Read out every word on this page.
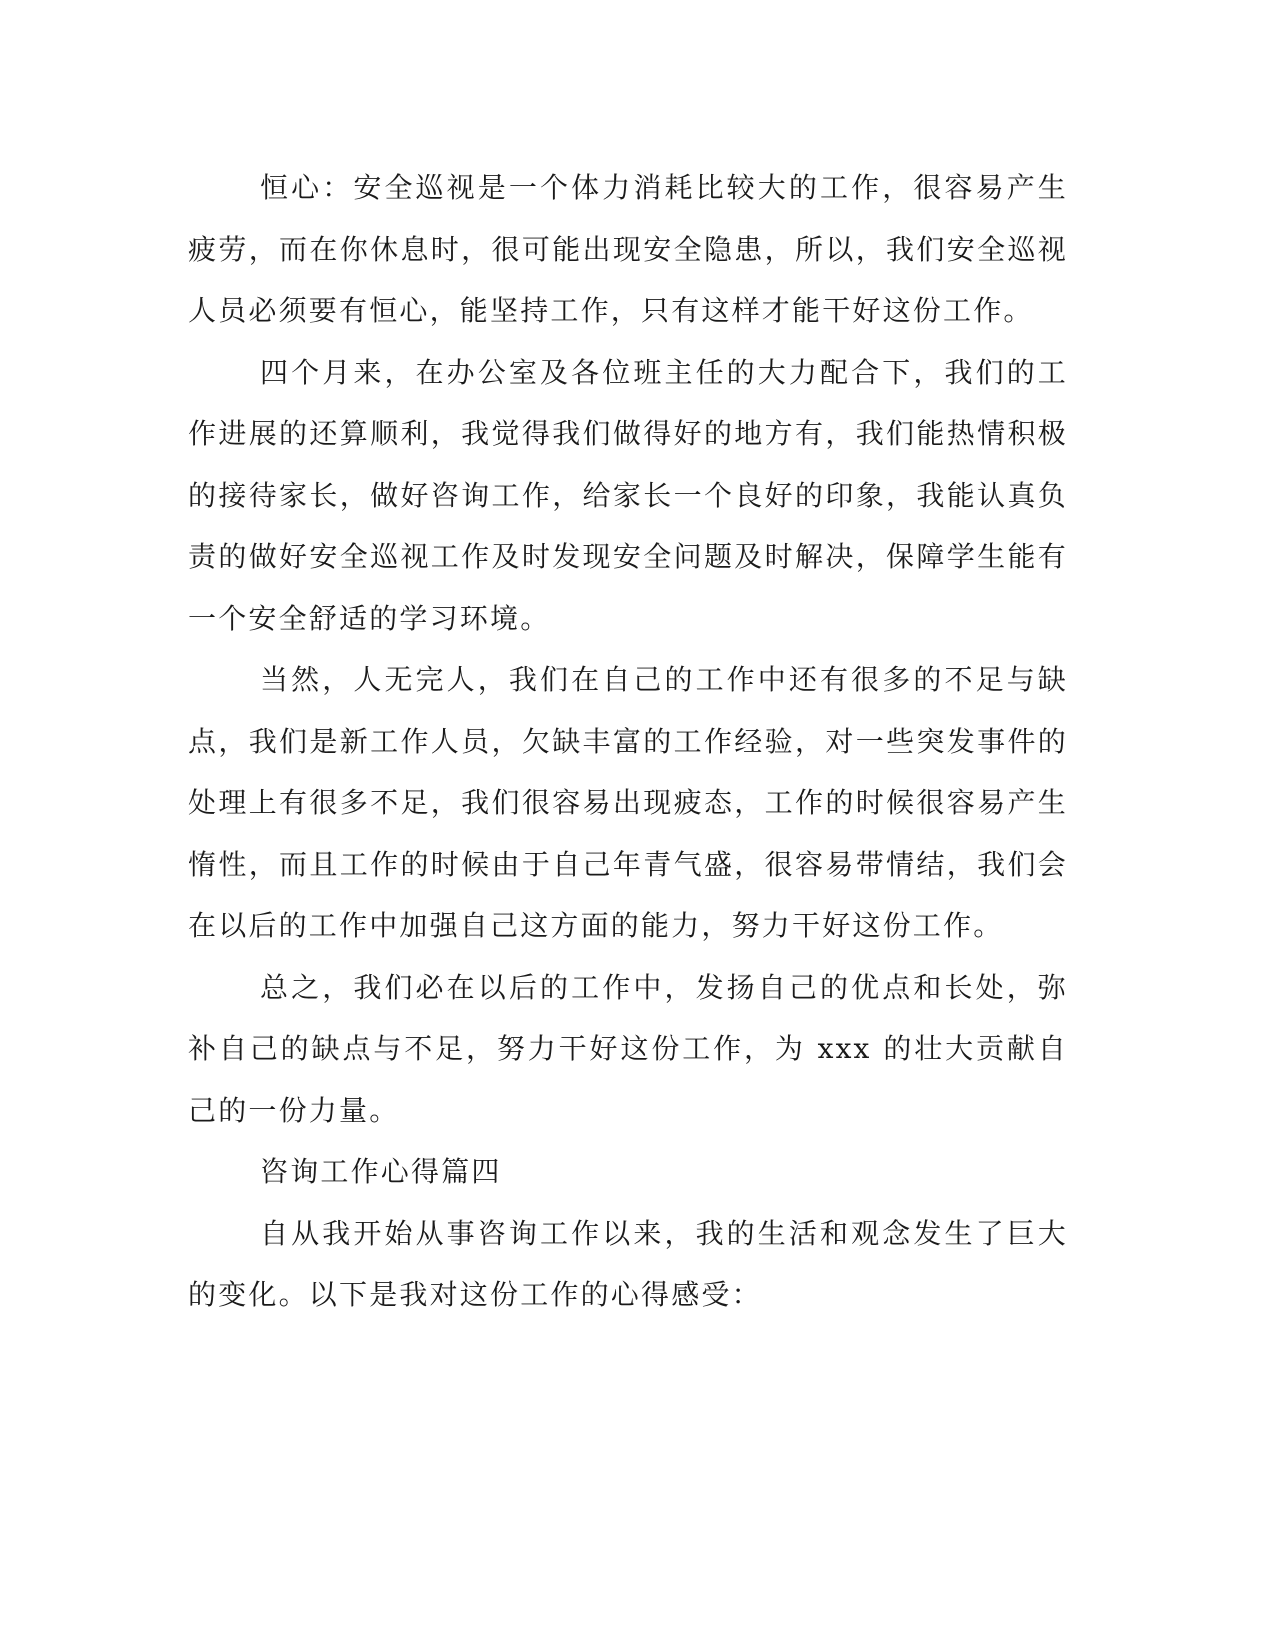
恒心：安全巡视是一个体力消耗比较大的工作，很容易产生疲劳，而在你休息时，很可能出现安全隐患，所以，我们安全巡视人员必须要有恒心，能坚持工作，只有这样才能干好这份工作。

四个月来，在办公室及各位班主任的大力配合下，我们的工作进展的还算顺利，我觉得我们做得好的地方有，我们能热情积极的接待家长，做好咨询工作，给家长一个良好的印象，我能认真负责的做好安全巡视工作及时发现安全问题及时解决，保障学生能有一个安全舒适的学习环境。

当然，人无完人，我们在自己的工作中还有很多的不足与缺点，我们是新工作人员，欠缺丰富的工作经验，对一些突发事件的处理上有很多不足，我们很容易出现疲态，工作的时候很容易产生惰性，而且工作的时候由于自己年青气盛，很容易带情结，我们会在以后的工作中加强自己这方面的能力，努力干好这份工作。

总之，我们必在以后的工作中，发扬自己的优点和长处，弥补自己的缺点与不足，努力干好这份工作，为 xxx 的壮大贡献自己的一份力量。

咨询工作心得篇四

自从我开始从事咨询工作以来，我的生活和观念发生了巨大的变化。以下是我对这份工作的心得感受：
